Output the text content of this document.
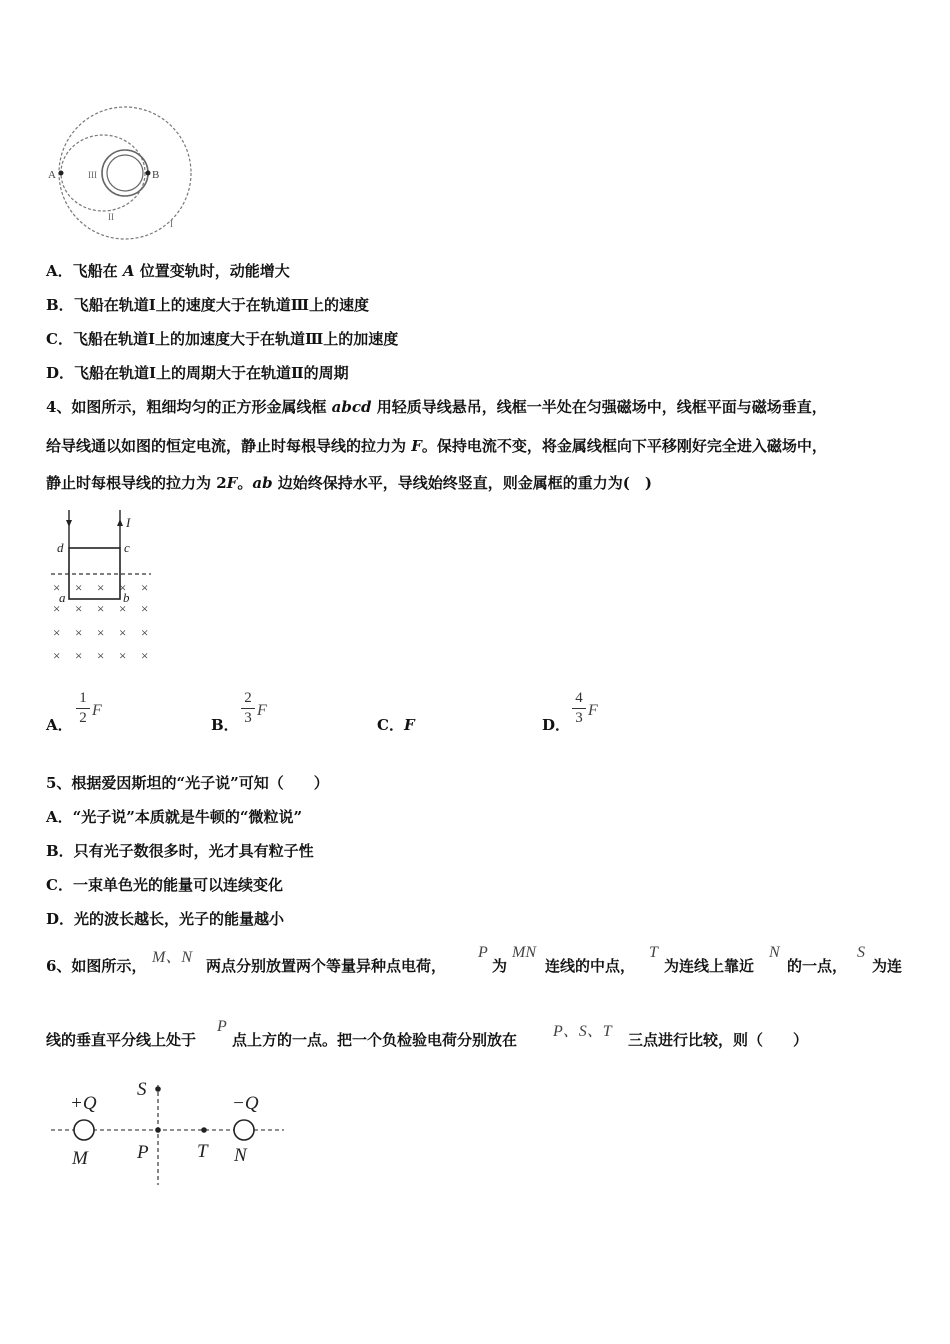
A	B
III
II
I
A．飞船在 A 位置变轨时，动能增大
B．飞船在轨道Ⅰ上的速度大于在轨道Ⅲ上的速度
C．飞船在轨道Ⅰ上的加速度大于在轨道Ⅲ上的加速度
D．飞船在轨道Ⅰ上的周期大于在轨道Ⅱ的周期
4、如图所示，粗细均匀的正方形金属线框 abcd 用轻质导线悬吊，线框一半处在匀强磁场中，线框平面与磁场垂直，
给导线通以如图的恒定电流，静止时每根导线的拉力为 F。保持电流不变，将金属线框向下平移刚好完全进入磁场中，
静止时每根导线的拉力为 2F。ab 边始终保持水平，导线始终竖直，则金属框的重力为(　)
I
d	c
a	b
× × × × ×
× × × × ×
× × × × ×
× × × × ×
A．
1
2 F
B．
2
3 F
C．F	D．
4
3 F
5、根据爱因斯坦的“光子说”可知（　　）
A．“光子说”本质就是牛顿的“微粒说”
B．只有光子数很多时，光才具有粒子性
C．一束单色光的能量可以连续变化
D．光的波长越长，光子的能量越小
6、如图所示， M、N 两点分别放置两个等量异种点电荷，
P
为
MN
连线的中点，
T
为连线上靠近
N
的一点，
S
为连
线的垂直平分线上处于
P
点上方的一点。把一个负检验电荷分别放在 P、S、T 三点进行比较，则（　　）
+Q	−Q
M	N
P	T
S
